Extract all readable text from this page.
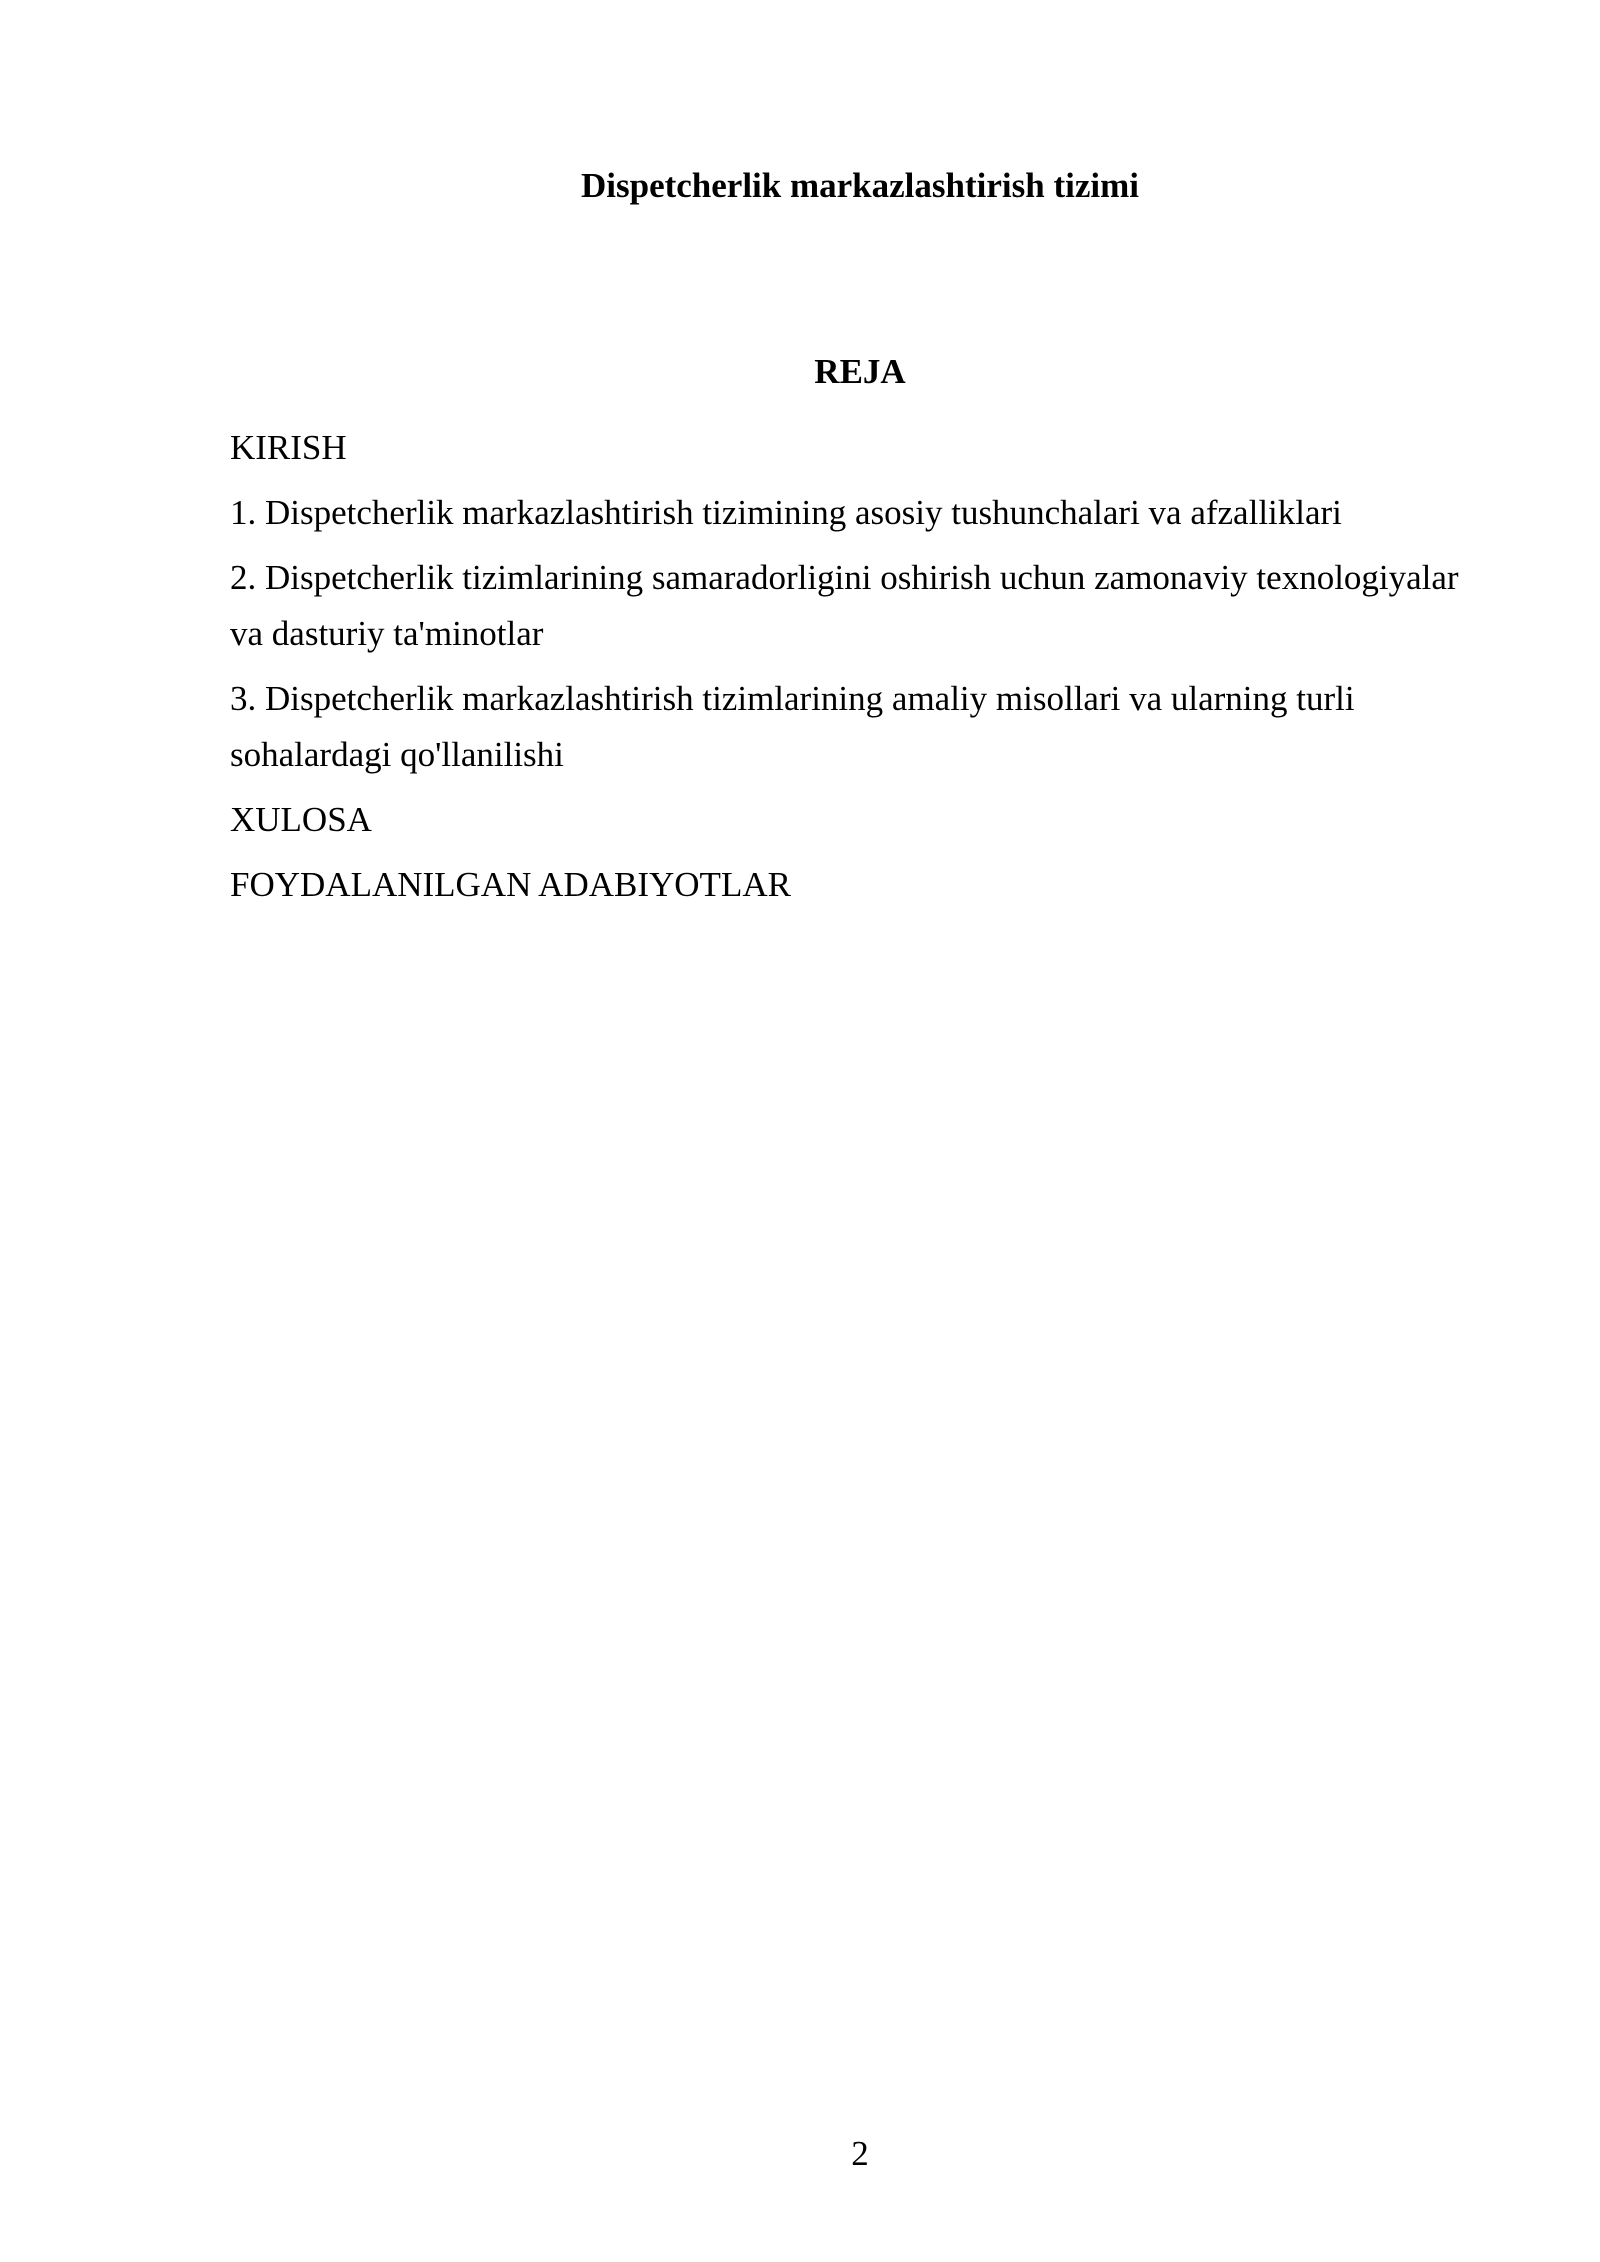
Dispetcherlik markazlashtirish tizimi
REJA
KIRISH
1. Dispetcherlik markazlashtirish tizimining asosiy tushunchalari va afzalliklari
2. Dispetcherlik tizimlarining samaradorligini oshirish uchun zamonaviy texnologiyalar va dasturiy ta'minotlar
3. Dispetcherlik markazlashtirish tizimlarining amaliy misollari va ularning turli sohalardagi qo'llanilishi
XULOSA
FOYDALANILGAN ADABIYOTLAR
2
